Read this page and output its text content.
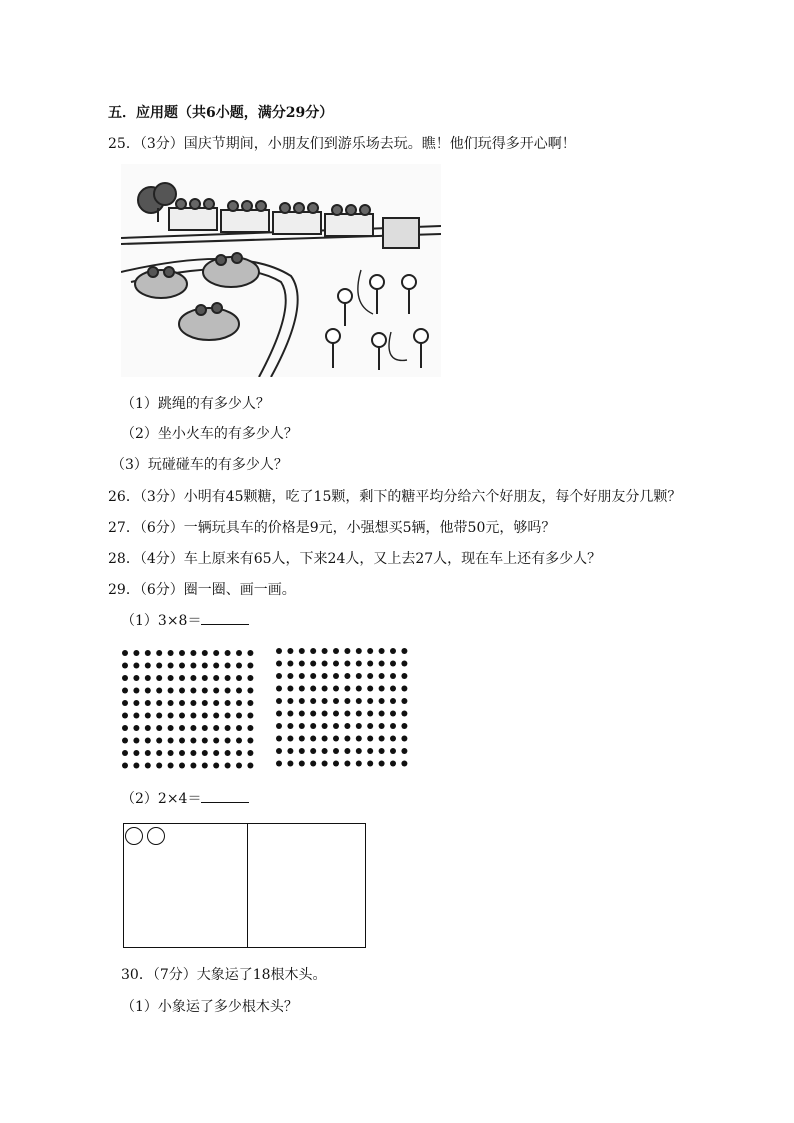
五．应用题（共6小题，满分29分）
25．（3分）国庆节期间，小朋友们到游乐场去玩。瞧！他们玩得多开心啊！
（1）跳绳的有多少人？
（2）坐小火车的有多少人？
（3）玩碰碰车的有多少人？
26．（3分）小明有45颗糖，吃了15颗，剩下的糖平均分给六个好朋友，每个好朋友分几颗？
27．（6分）一辆玩具车的价格是9元，小强想买5辆，他带50元，够吗？
28．（4分）车上原来有65人，下来24人，又上去27人，现在车上还有多少人？
29．（6分）圈一圈、画一画。
（1）3×8＝
（2）2×4＝
30．（7分）大象运了18根木头。
（1）小象运了多少根木头？
